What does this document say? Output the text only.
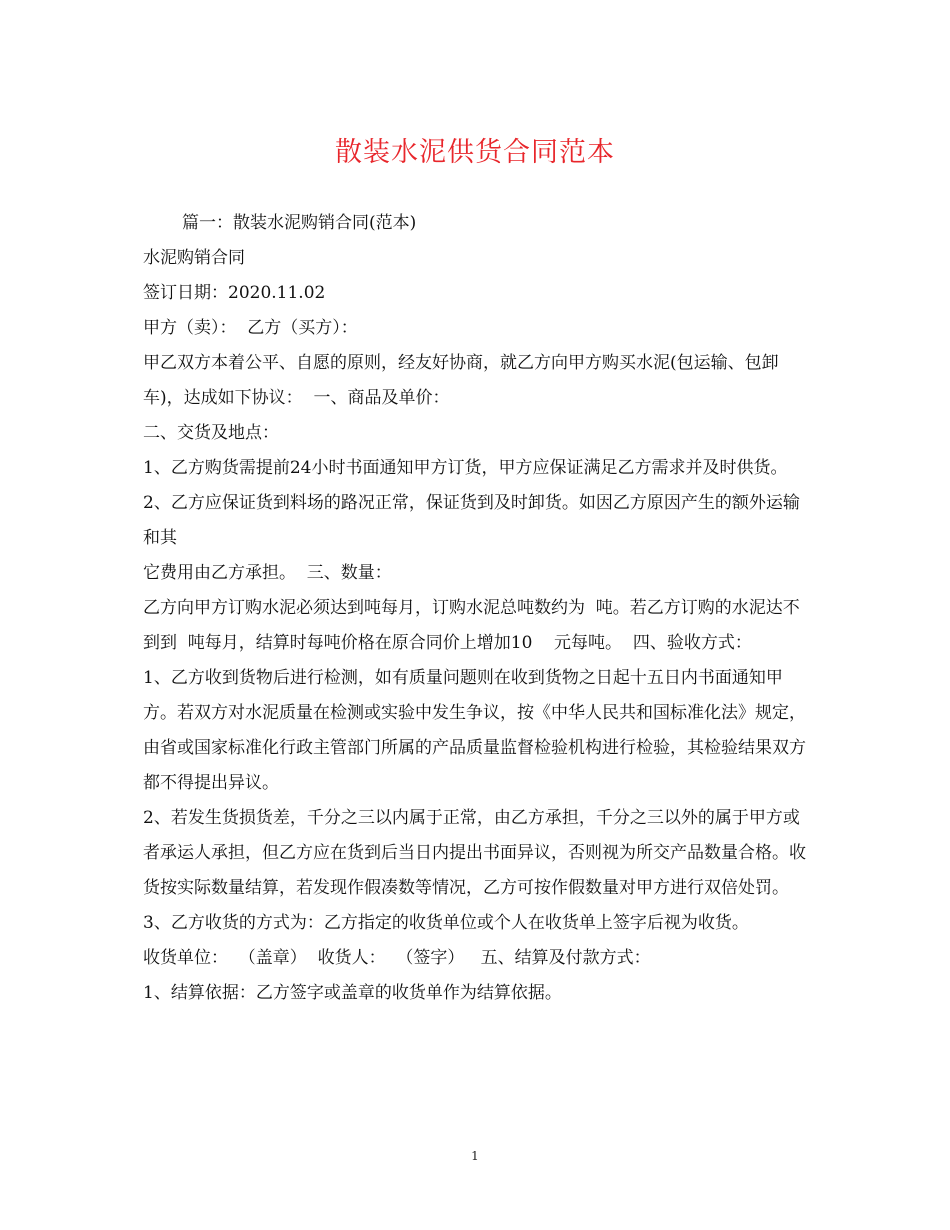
散装水泥供货合同范本

篇一：散装水泥购销合同(范本)

水泥购销合同

签订日期：2020.11.02

甲方（卖）：  乙方（买方）：

甲乙双方本着公平、自愿的原则，经友好协商，就乙方向甲方购买水泥(包运输、包卸车)，达成如下协议：  一、商品及单价：

二、交货及地点：

1、乙方购货需提前24小时书面通知甲方订货，甲方应保证满足乙方需求并及时供货。  2、乙方应保证货到料场的路况正常，保证货到及时卸货。如因乙方原因产生的额外运输和其

它费用由乙方承担。  三、数量：

乙方向甲方订购水泥必须达到吨每月，订购水泥总吨数约为  吨。若乙方订购的水泥达不到到  吨每月，结算时每吨价格在原合同价上增加10    元每吨。  四、验收方式：

1、乙方收到货物后进行检测，如有质量问题则在收到货物之日起十五日内书面通知甲方。若双方对水泥质量在检测或实验中发生争议，按《中华人民共和国标准化法》规定，由省或国家标准化行政主管部门所属的产品质量监督检验机构进行检验，其检验结果双方都不得提出异议。

2、若发生货损货差，千分之三以内属于正常，由乙方承担，千分之三以外的属于甲方或者承运人承担，但乙方应在货到后当日内提出书面异议，否则视为所交产品数量合格。收货按实际数量结算，若发现作假凑数等情况，乙方可按作假数量对甲方进行双倍处罚。

3、乙方收货的方式为：乙方指定的收货单位或个人在收货单上签字后视为收货。

收货单位：  （盖章）  收货人：  （签字）   五、结算及付款方式：

1、结算依据：乙方签字或盖章的收货单作为结算依据。

1
